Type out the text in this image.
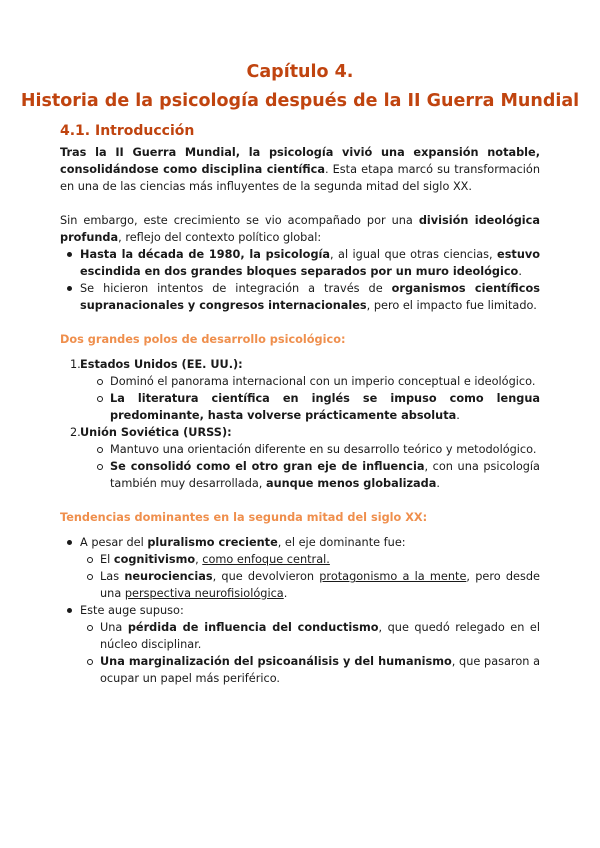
Capítulo 4.
Historia de la psicología después de la II Guerra Mundial
4.1. Introducción

Tras la II Guerra Mundial, la psicología vivió una expansión notable, consolidándose como disciplina científica. Esta etapa marcó su transformación en una de las ciencias más influyentes de la segunda mitad del siglo XX.

Sin embargo, este crecimiento se vio acompañado por una división ideológica profunda, reflejo del contexto político global:

Hasta la década de 1980, la psicología, al igual que otras ciencias, estuvo escindida en dos grandes bloques separados por un muro ideológico.
Se hicieron intentos de integración a través de organismos científicos supranacionales y congresos internacionales, pero el impacto fue limitado.

Dos grandes polos de desarrollo psicológico:

1.Estados Unidos (EE. UU.):
Dominó el panorama internacional con un imperio conceptual e ideológico.
La literatura científica en inglés se impuso como lengua predominante, hasta volverse prácticamente absoluta.
2.Unión Soviética (URSS):
Mantuvo una orientación diferente en su desarrollo teórico y metodológico.
Se consolidó como el otro gran eje de influencia, con una psicología también muy desarrollada, aunque menos globalizada.

Tendencias dominantes en la segunda mitad del siglo XX:

A pesar del pluralismo creciente, el eje dominante fue:
El cognitivismo, como enfoque central.
Las neurociencias, que devolvieron protagonismo a la mente, pero desde una perspectiva neurofisiológica.
Este auge supuso:
Una pérdida de influencia del conductismo, que quedó relegado en el núcleo disciplinar.
Una marginalización del psicoanálisis y del humanismo, que pasaron a ocupar un papel más periférico.
